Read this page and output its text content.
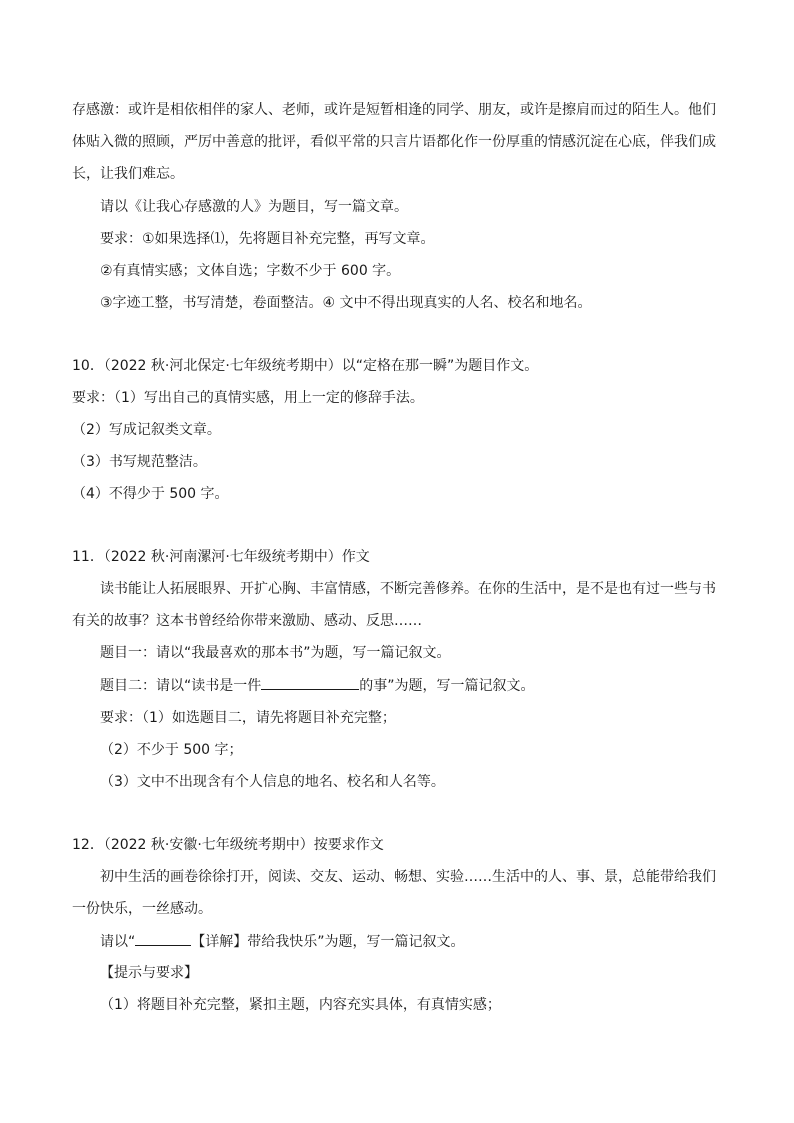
存感激：或许是相依相伴的家人、老师，或许是短暂相逢的同学、朋友，或许是擦肩而过的陌生人。他们
体贴入微的照顾，严厉中善意的批评，看似平常的只言片语都化作一份厚重的情感沉淀在心底，伴我们成
长，让我们难忘。
请以《让我心存感激的人》为题目，写一篇文章。
要求：①如果选择⑴，先将题目补充完整，再写文章。
②有真情实感；文体自选；字数不少于 600 字。
③字迹工整，书写清楚，卷面整洁。④ 文中不得出现真实的人名、校名和地名。
10．（2022 秋·河北保定·七年级统考期中）以“定格在那一瞬”为题目作文。
要求：（1）写出自己的真情实感，用上一定的修辞手法。
（2）写成记叙类文章。
（3）书写规范整洁。
（4）不得少于 500 字。
11．（2022 秋·河南漯河·七年级统考期中）作文
读书能让人拓展眼界、开扩心胸、丰富情感，不断完善修养。在你的生活中，是不是也有过一些与书
有关的故事？这本书曾经给你带来激励、感动、反思……
题目一：请以“我最喜欢的那本书”为题，写一篇记叙文。
题目二：请以“读书是一件	的事”为题，写一篇记叙文。
要求：（1）如选题目二，请先将题目补充完整；
（2）不少于 500 字；
（3）文中不出现含有个人信息的地名、校名和人名等。
12．（2022 秋·安徽·七年级统考期中）按要求作文
初中生活的画卷徐徐打开，阅读、交友、运动、畅想、实验……生活中的人、事、景，总能带给我们
一份快乐，一丝感动。
请以“	【详解】带给我快乐”为题，写一篇记叙文。
【提示与要求】
（1）将题目补充完整，紧扣主题，内容充实具体，有真情实感；
